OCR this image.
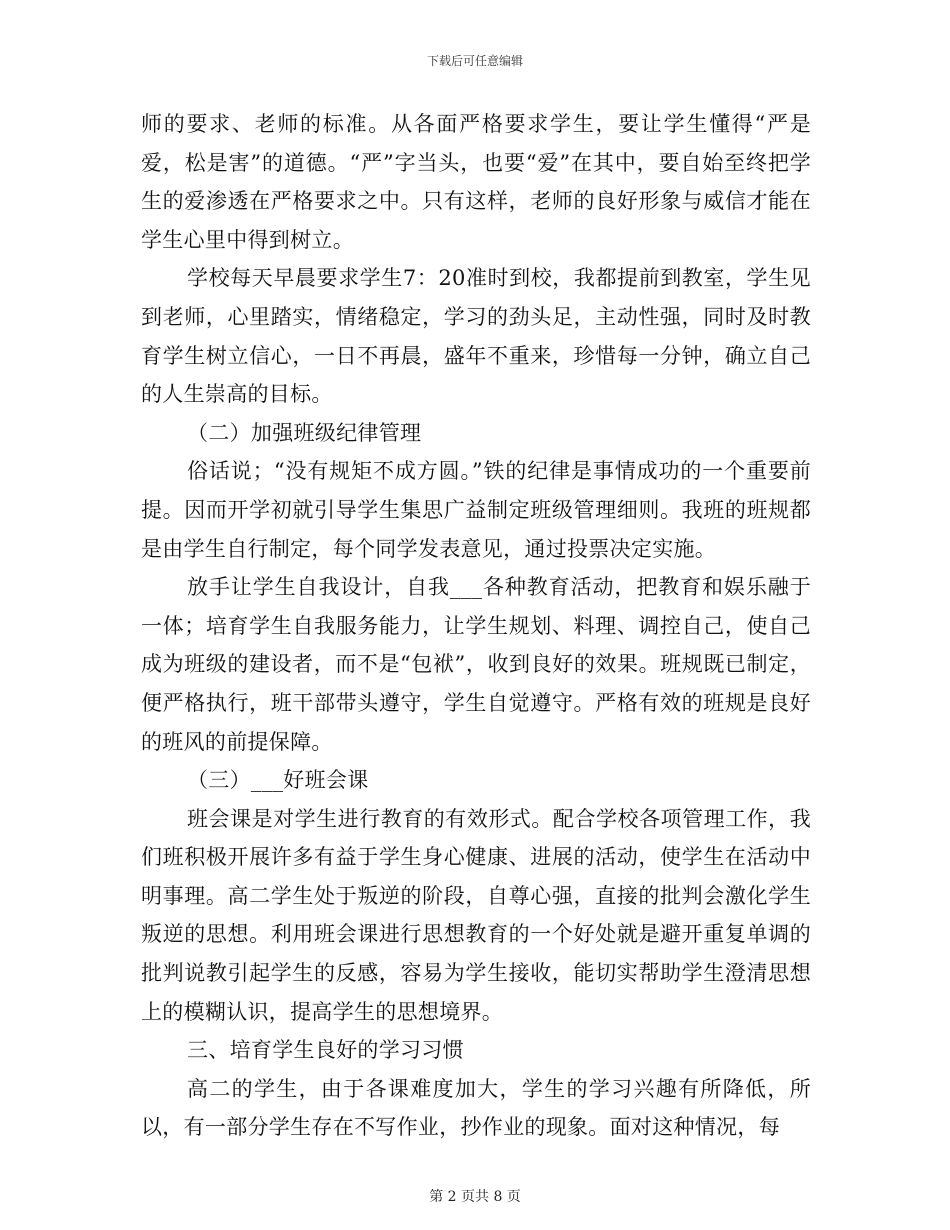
下载后可任意编辑

师的要求、老师的标准。从各面严格要求学生，要让学生懂得“严是爱，松是害”的道德。“严”字当头，也要“爱”在其中，要自始至终把学生的爱渗透在严格要求之中。只有这样，老师的良好形象与威信才能在学生心里中得到树立。

学校每天早晨要求学生7：20准时到校，我都提前到教室，学生见到老师，心里踏实，情绪稳定，学习的劲头足，主动性强，同时及时教育学生树立信心，一日不再晨，盛年不重来，珍惜每一分钟，确立自己的人生崇高的目标。

（二）加强班级纪律管理

俗话说；“没有规矩不成方圆。”铁的纪律是事情成功的一个重要前提。因而开学初就引导学生集思广益制定班级管理细则。我班的班规都是由学生自行制定，每个同学发表意见，通过投票决定实施。

放手让学生自我设计，自我___各种教育活动，把教育和娱乐融于一体；培育学生自我服务能力，让学生规划、料理、调控自己，使自己成为班级的建设者，而不是“包袱”，收到良好的效果。班规既已制定，便严格执行，班干部带头遵守，学生自觉遵守。严格有效的班规是良好的班风的前提保障。

（三）___好班会课

班会课是对学生进行教育的有效形式。配合学校各项管理工作，我们班积极开展许多有益于学生身心健康、进展的活动，使学生在活动中明事理。高二学生处于叛逆的阶段，自尊心强，直接的批判会激化学生叛逆的思想。利用班会课进行思想教育的一个好处就是避开重复单调的批判说教引起学生的反感，容易为学生接收，能切实帮助学生澄清思想上的模糊认识，提高学生的思想境界。

三、培育学生良好的学习习惯

高二的学生，由于各课难度加大，学生的学习兴趣有所降低，所以，有一部分学生存在不写作业，抄作业的现象。面对这种情况，每

第 2 页共 8 页
